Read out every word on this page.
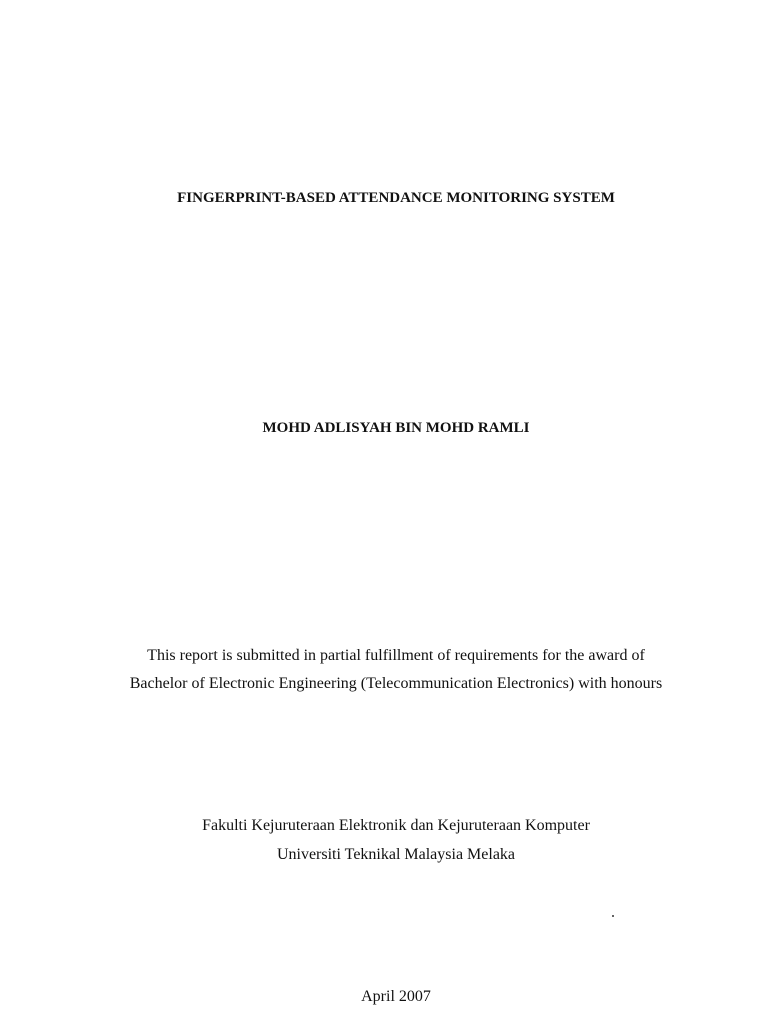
FINGERPRINT-BASED ATTENDANCE MONITORING SYSTEM

MOHD ADLISYAH BIN MOHD RAMLI

This report is submitted in partial fulfillment of requirements for the award of

Bachelor of Electronic Engineering (Telecommunication Electronics) with honours

Fakulti Kejuruteraan Elektronik dan Kejuruteraan Komputer

Universiti Teknikal Malaysia Melaka

April 2007
